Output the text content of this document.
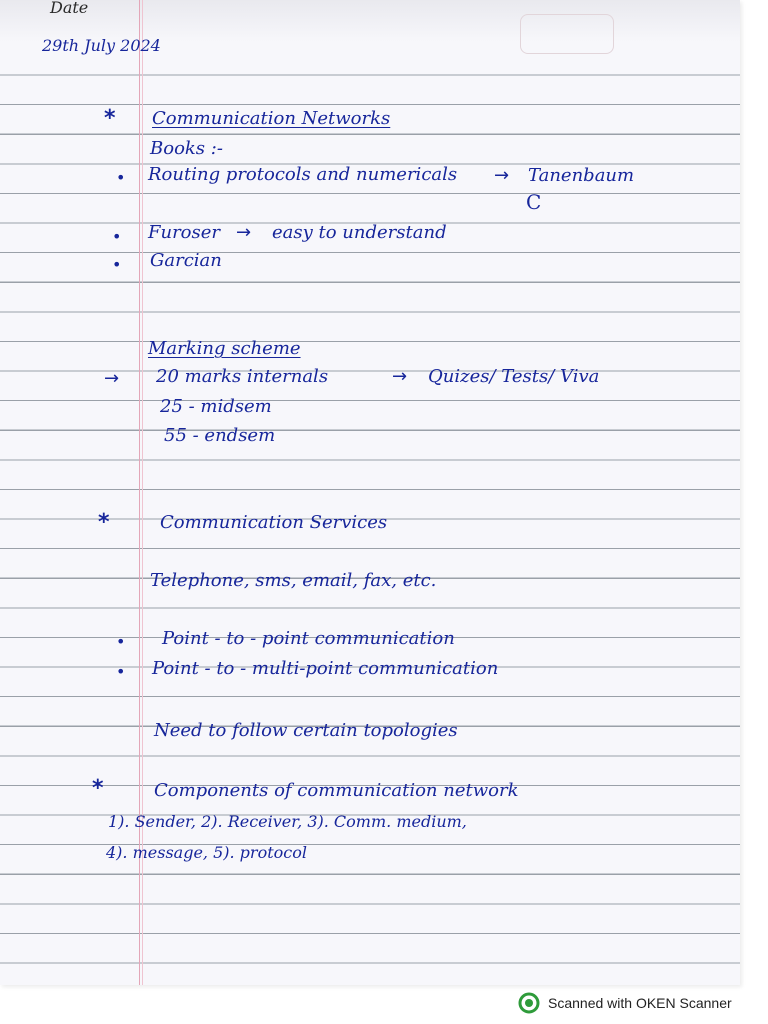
Date
29th July 2024
* Communication Networks
Books :-
• Routing protocols and numericals → Tanenbaum
C
• Furoser → easy to understand
• Garcian
Marking scheme
→ 20 marks internals	→ Quizes/ Tests/ Viva
25 - midsem
55 - endsem
*	Communication Services
Telephone, sms, email, fax, etc.
• Point - to - point communication
• Point - to - multi-point communication
Need to follow certain topologies
*	Components of communication network
1). Sender, 2). Receiver, 3). Comm. medium,
4). message, 5). protocol
Scanned with OKEN Scanner
